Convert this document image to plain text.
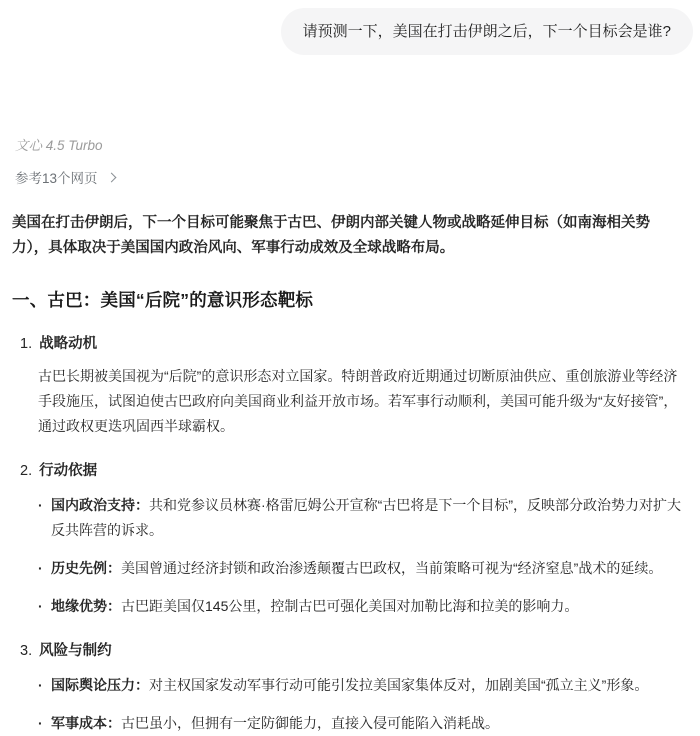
请预测一下，美国在打击伊朗之后，下一个目标会是谁?
文心 4.5 Turbo
参考13个网页

美国在打击伊朗后，下一个目标可能聚焦于古巴、伊朗内部关键人物或战略延伸目标（如南海相关势力），具体取决于美国国内政治风向、军事行动成效及全球战略布局。

一、古巴：美国“后院”的意识形态靶标
1. 战略动机

古巴长期被美国视为“后院”的意识形态对立国家。特朗普政府近期通过切断原油供应、重创旅游业等经济手段施压，试图迫使古巴政府向美国商业利益开放市场。若军事行动顺利，美国可能升级为“友好接管”，通过政权更迭巩固西半球霸权。

2. 行动依据
· 国内政治支持：共和党参议员林赛·格雷厄姆公开宣称“古巴将是下一个目标”，反映部分政治势力对扩大反共阵营的诉求。
· 历史先例：美国曾通过经济封锁和政治渗透颠覆古巴政权，当前策略可视为“经济窒息”战术的延续。
· 地缘优势：古巴距美国仅145公里，控制古巴可强化美国对加勒比海和拉美的影响力。
3. 风险与制约
· 国际舆论压力：对主权国家发动军事行动可能引发拉美国家集体反对，加剧美国“孤立主义”形象。
· 军事成本：古巴虽小，但拥有一定防御能力，直接入侵可能陷入消耗战。
